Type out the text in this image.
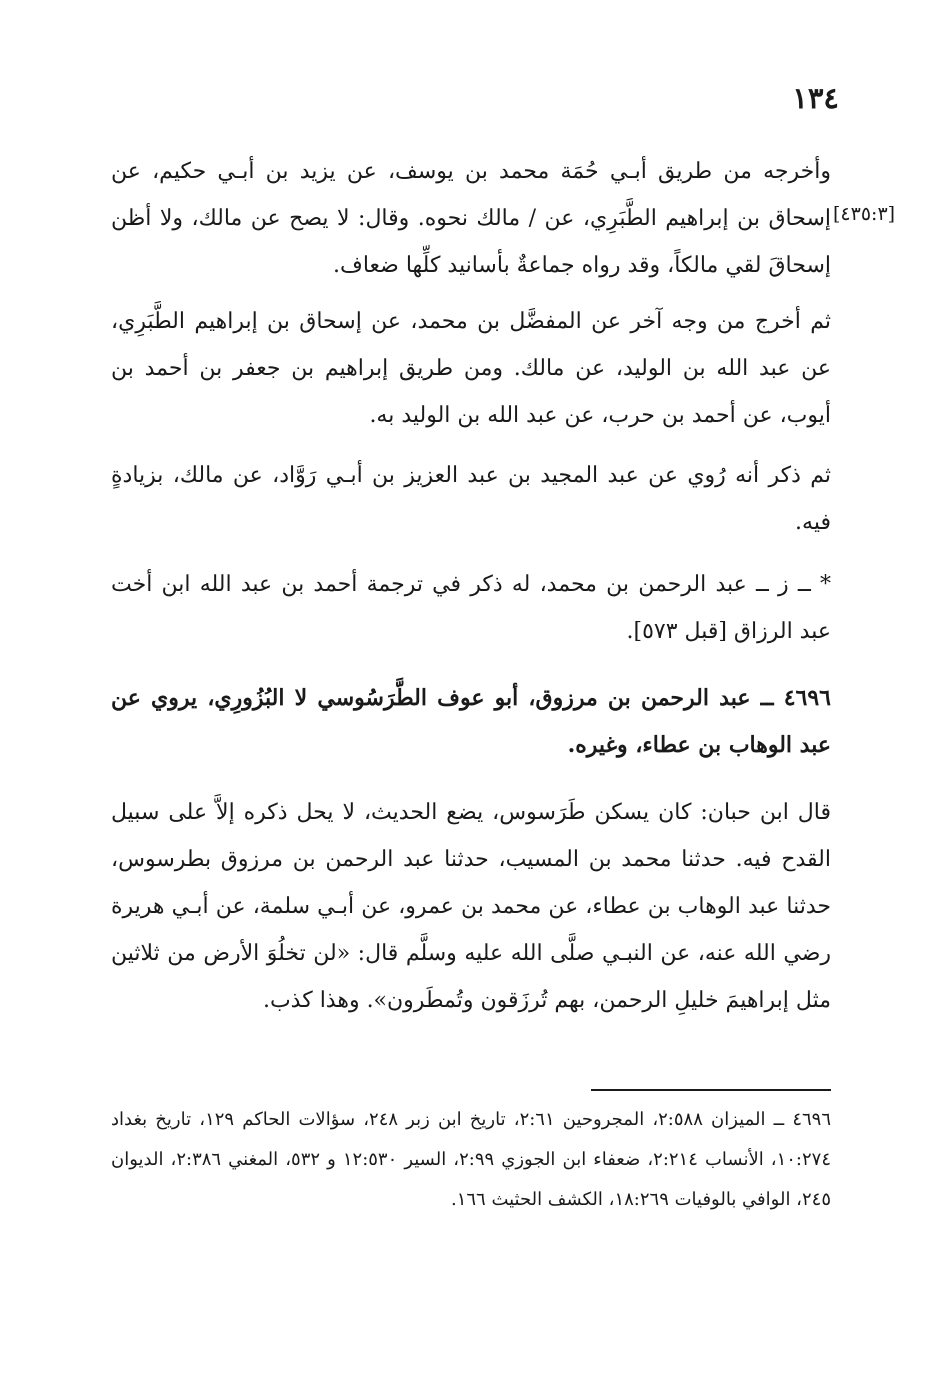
١٣٤
[٤٣٥:٣]

وأخرجه من طريق أبـي حُمَة محمد بن يوسف، عن يزيد بن أبـي حكيم، عن إسحاق بن إبراهيم الطَّبَرِي، عن / مالك نحوه. وقال: لا يصح عن مالك، ولا أظن إسحاقَ لقي مالكاً، وقد رواه جماعةٌ بأسانيد كلِّها ضعاف.

ثم أخرج من وجه آخر عن المفضَّل بن محمد، عن إسحاق بن إبراهيم الطَّبَرِي، عن عبد الله بن الوليد، عن مالك. ومن طريق إبراهيم بن جعفر بن أحمد بن أيوب، عن أحمد بن حرب، عن عبد الله بن الوليد به.

ثم ذكر أنه رُوي عن عبد المجيد بن عبد العزيز بن أبـي رَوَّاد، عن مالك، بزيادةٍ فيه.

* ــ ز ــ عبد الرحمن بن محمد، له ذكر في ترجمة أحمد بن عبد الله ابن أخت عبد الرزاق [قبل ٥٧٣].

٤٦٩٦ ــ عبد الرحمن بن مرزوق، أبو عوف الطَّرَسُوسي لا البُزُورِي، يروي عن عبد الوهاب بن عطاء، وغيره.

قال ابن حبان: كان يسكن طَرَسوس، يضع الحديث، لا يحل ذكره إلاَّ على سبيل القدح فيه. حدثنا محمد بن المسيب، حدثنا عبد الرحمن بن مرزوق بطرسوس، حدثنا عبد الوهاب بن عطاء، عن محمد بن عمرو، عن أبـي سلمة، عن أبـي هريرة رضي الله عنه، عن النبـي صلَّى الله عليه وسلَّم قال: «لن تخلُوَ الأرض من ثلاثين مثل إبراهيمَ خليلِ الرحمن، بهم تُرزَقون وتُمطَرون». وهذا كذب.

٤٦٩٦ ــ الميزان ٢:٥٨٨، المجروحين ٢:٦١، تاريخ ابن زبر ٢٤٨، سؤالات الحاكم ١٢٩، تاريخ بغداد ١٠:٢٧٤، الأنساب ٢:٢١٤، ضعفاء ابن الجوزي ٢:٩٩، السير ١٢:٥٣٠ و ٥٣٢، المغني ٢:٣٨٦، الديوان ٢٤٥، الوافي بالوفيات ١٨:٢٦٩، الكشف الحثيث ١٦٦.
